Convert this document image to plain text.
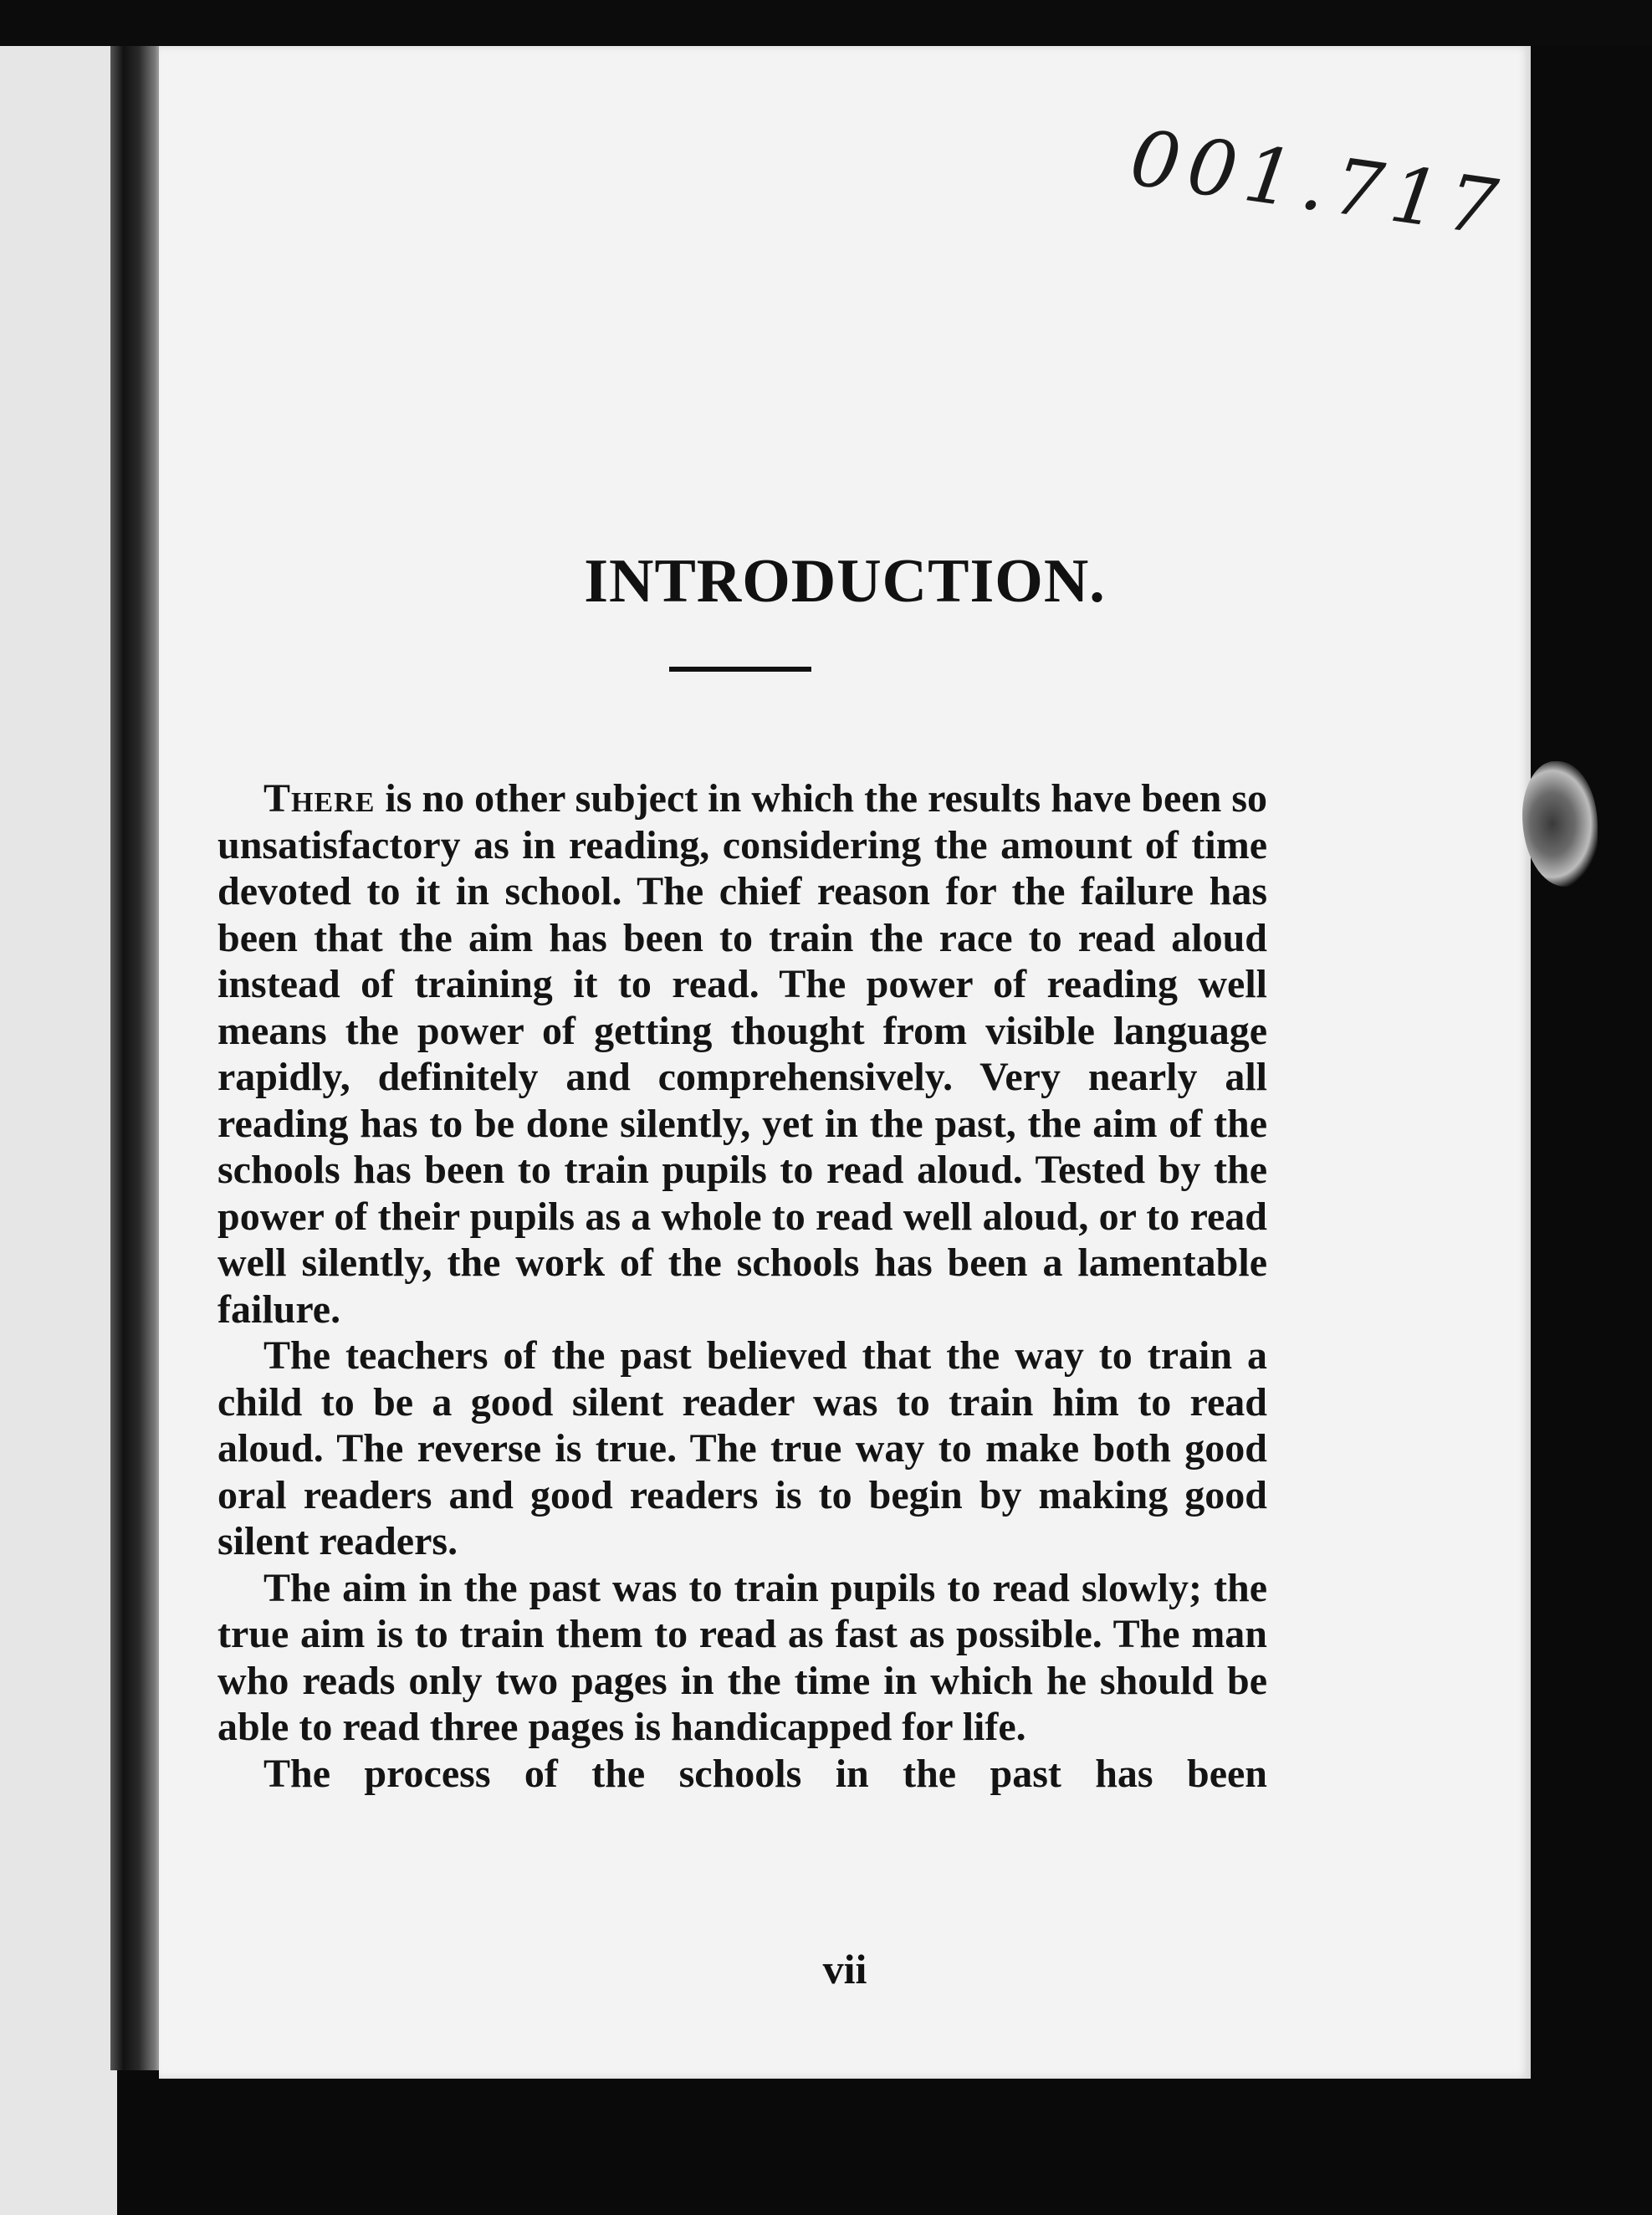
001.717
INTRODUCTION.

There is no other subject in which the results have been so unsatisfactory as in reading, considering the amount of time devoted to it in school. The chief reason for the failure has been that the aim has been to train the race to read aloud instead of training it to read. The power of reading well means the power of getting thought from visible language rapidly, definitely and comprehensively. Very nearly all reading has to be done silently, yet in the past, the aim of the schools has been to train pupils to read aloud. Tested by the power of their pupils as a whole to read well aloud, or to read well silently, the work of the schools has been a lamentable failure.

The teachers of the past believed that the way to train a child to be a good silent reader was to train him to read aloud. The reverse is true. The true way to make both good oral readers and good readers is to begin by making good silent readers.

The aim in the past was to train pupils to read slowly; the true aim is to train them to read as fast as possible. The man who reads only two pages in the time in which he should be able to read three pages is handicapped for life.

The process of the schools in the past has been

vii
